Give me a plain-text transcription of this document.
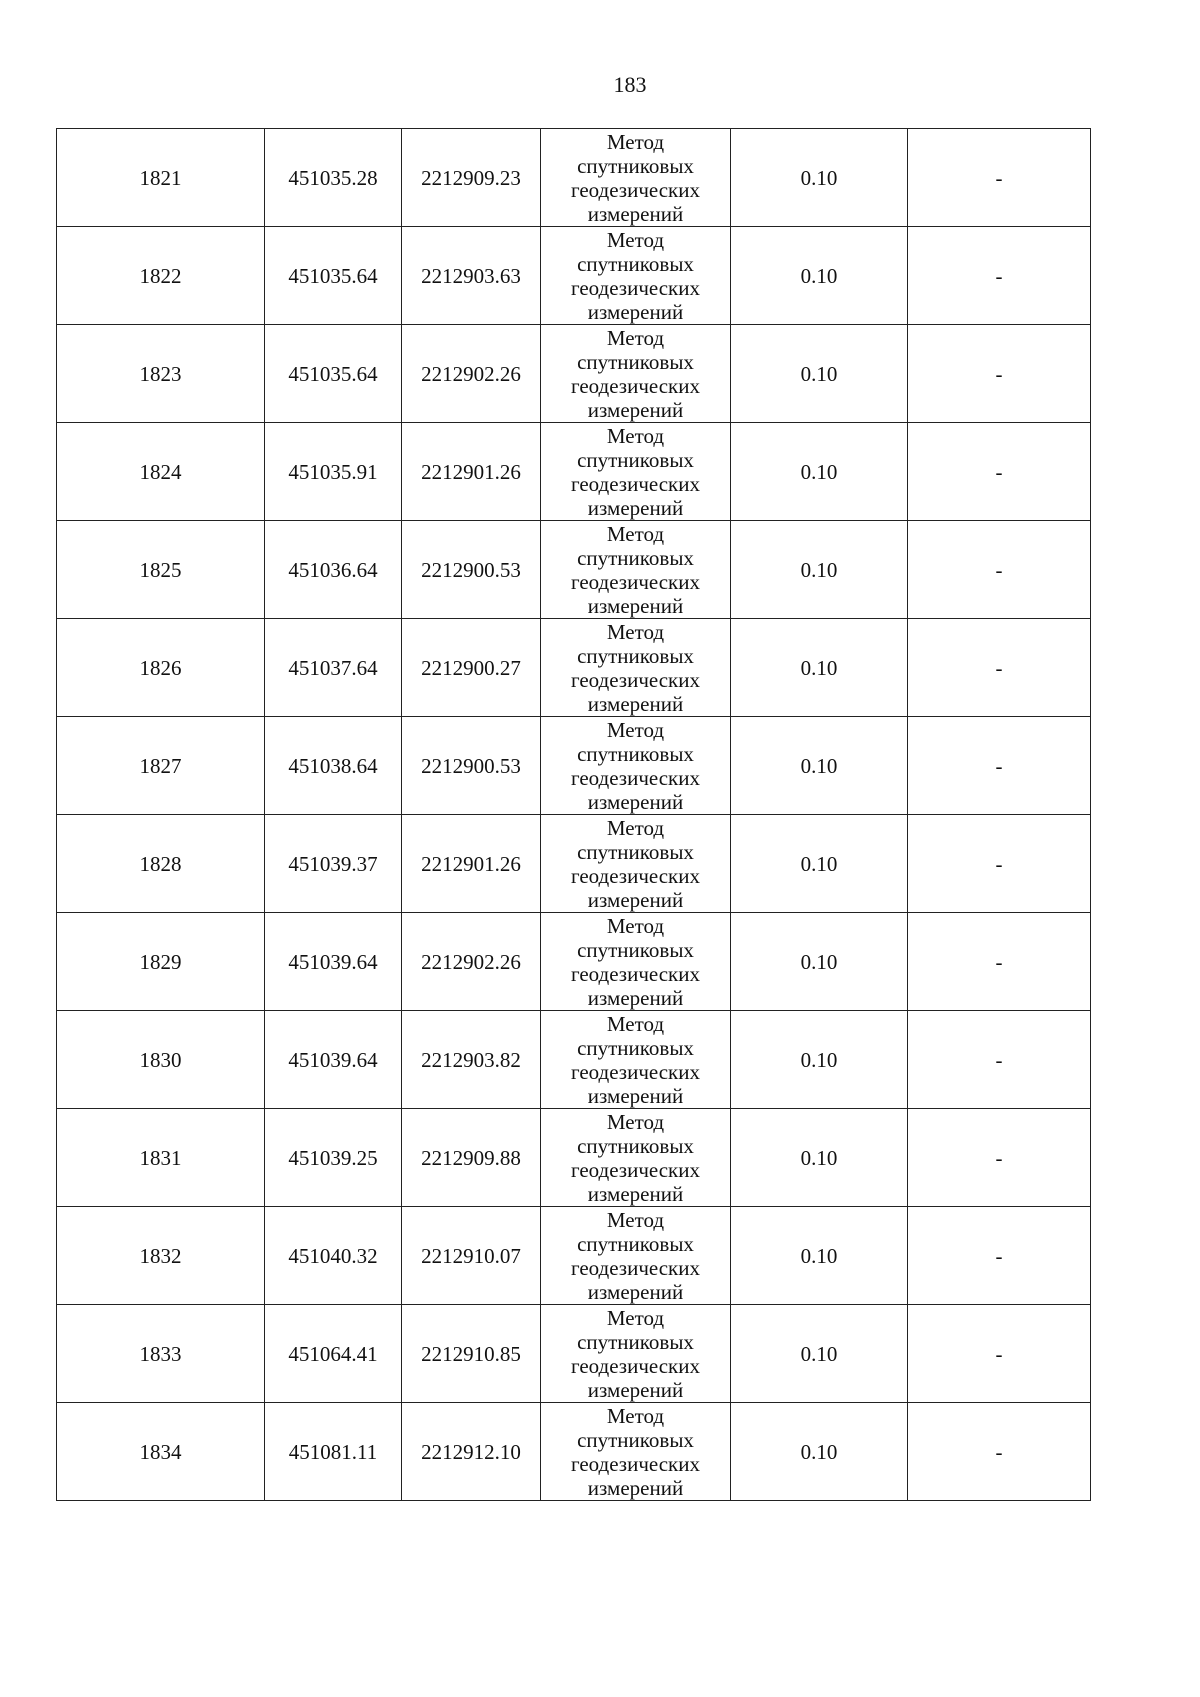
183
1821	451035.28	2212909.23	Метод
спутниковых
геодезических
измерений	0.10	-
1822	451035.64	2212903.63	Метод
спутниковых
геодезических
измерений	0.10	-
1823	451035.64	2212902.26	Метод
спутниковых
геодезических
измерений	0.10	-
1824	451035.91	2212901.26	Метод
спутниковых
геодезических
измерений	0.10	-
1825	451036.64	2212900.53	Метод
спутниковых
геодезических
измерений	0.10	-
1826	451037.64	2212900.27	Метод
спутниковых
геодезических
измерений	0.10	-
1827	451038.64	2212900.53	Метод
спутниковых
геодезических
измерений	0.10	-
1828	451039.37	2212901.26	Метод
спутниковых
геодезических
измерений	0.10	-
1829	451039.64	2212902.26	Метод
спутниковых
геодезических
измерений	0.10	-
1830	451039.64	2212903.82	Метод
спутниковых
геодезических
измерений	0.10	-
1831	451039.25	2212909.88	Метод
спутниковых
геодезических
измерений	0.10	-
1832	451040.32	2212910.07	Метод
спутниковых
геодезических
измерений	0.10	-
1833	451064.41	2212910.85	Метод
спутниковых
геодезических
измерений	0.10	-
1834	451081.11	2212912.10	Метод
спутниковых
геодезических
измерений	0.10	-
